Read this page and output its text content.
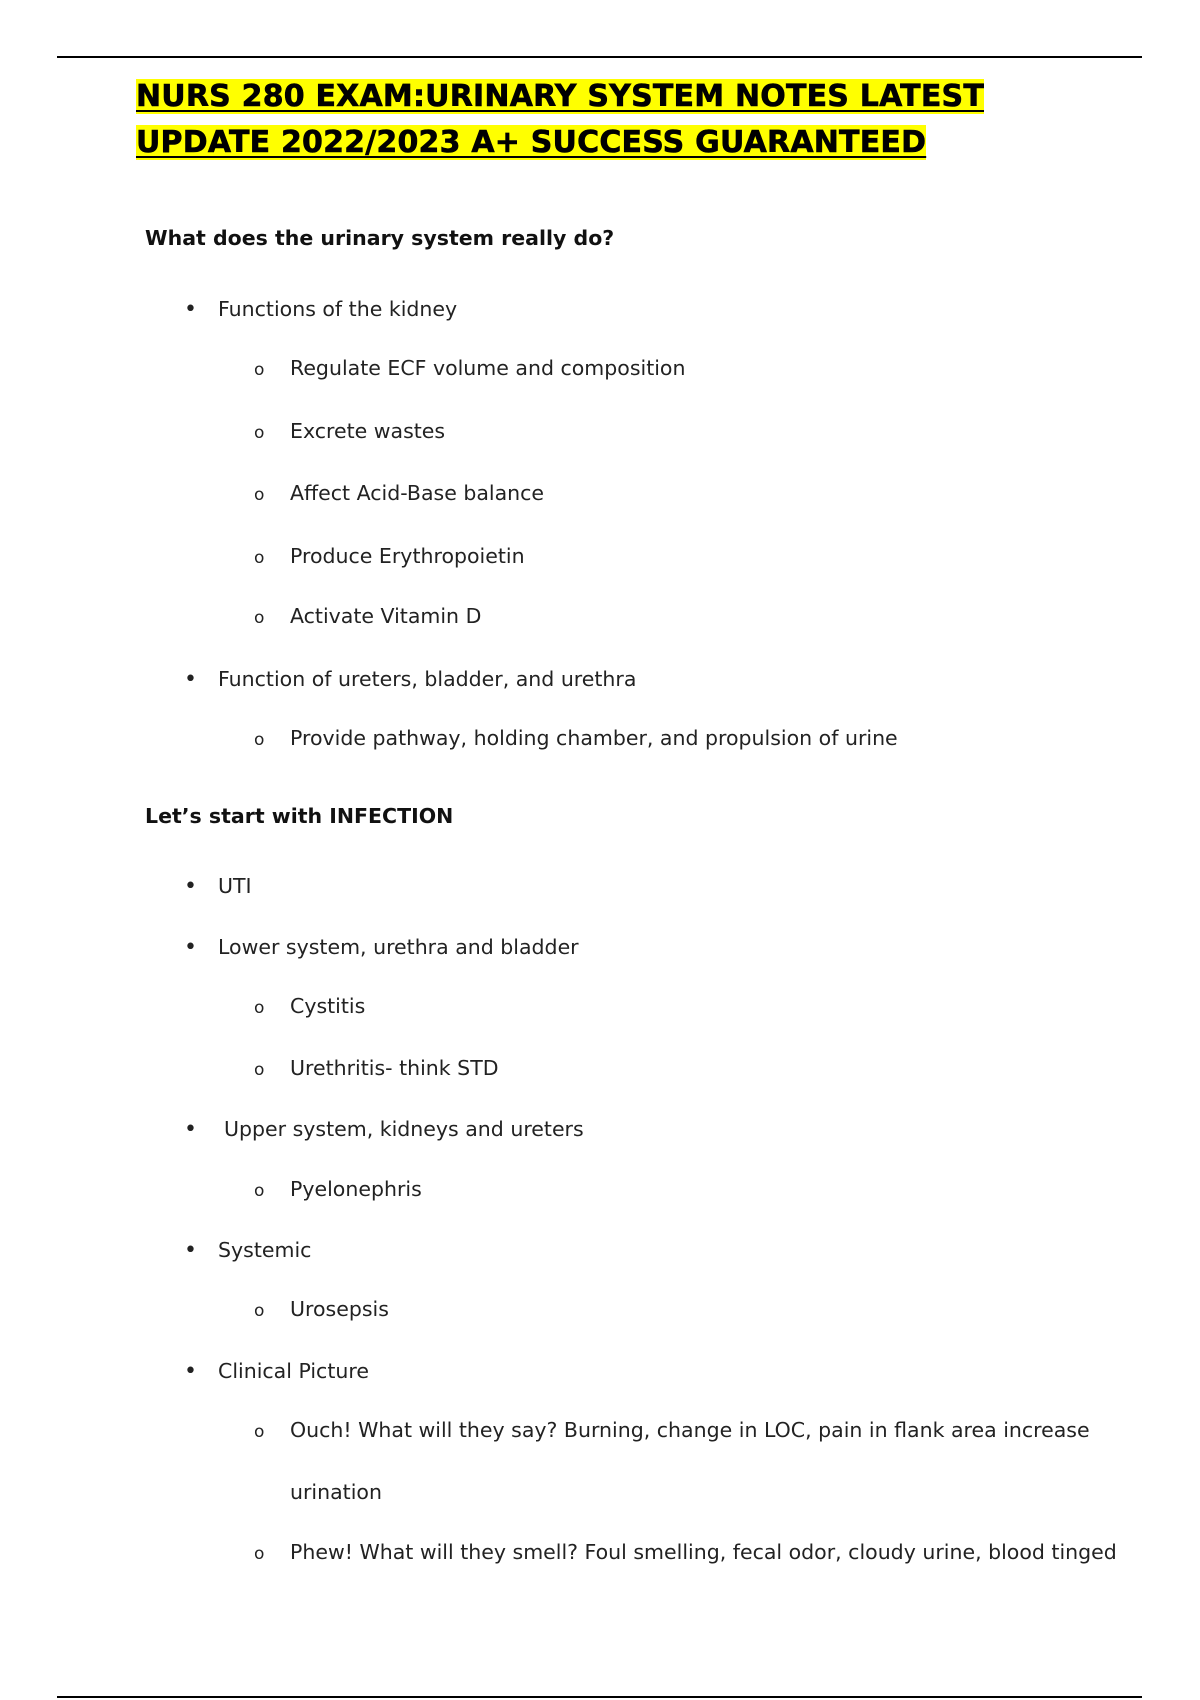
NURS 280 EXAM:URINARY SYSTEM NOTES LATEST
UPDATE 2022/2023 A+ SUCCESS GUARANTEED
What does the urinary system really do?
• Functions of the kidney
o Regulate ECF volume and composition
o Excrete wastes
o Affect Acid-Base balance
o Produce Erythropoietin
o Activate Vitamin D
• Function of ureters, bladder, and urethra
o Provide pathway, holding chamber, and propulsion of urine
Let’s start with INFECTION
• UTI
• Lower system, urethra and bladder
o Cystitis
o Urethritis- think STD
• Upper system, kidneys and ureters
o Pyelonephris
• Systemic
o Urosepsis
• Clinical Picture
o Ouch! What will they say? Burning, change in LOC, pain in flank area increase
urination
o Phew! What will they smell? Foul smelling, fecal odor, cloudy urine, blood tinged
